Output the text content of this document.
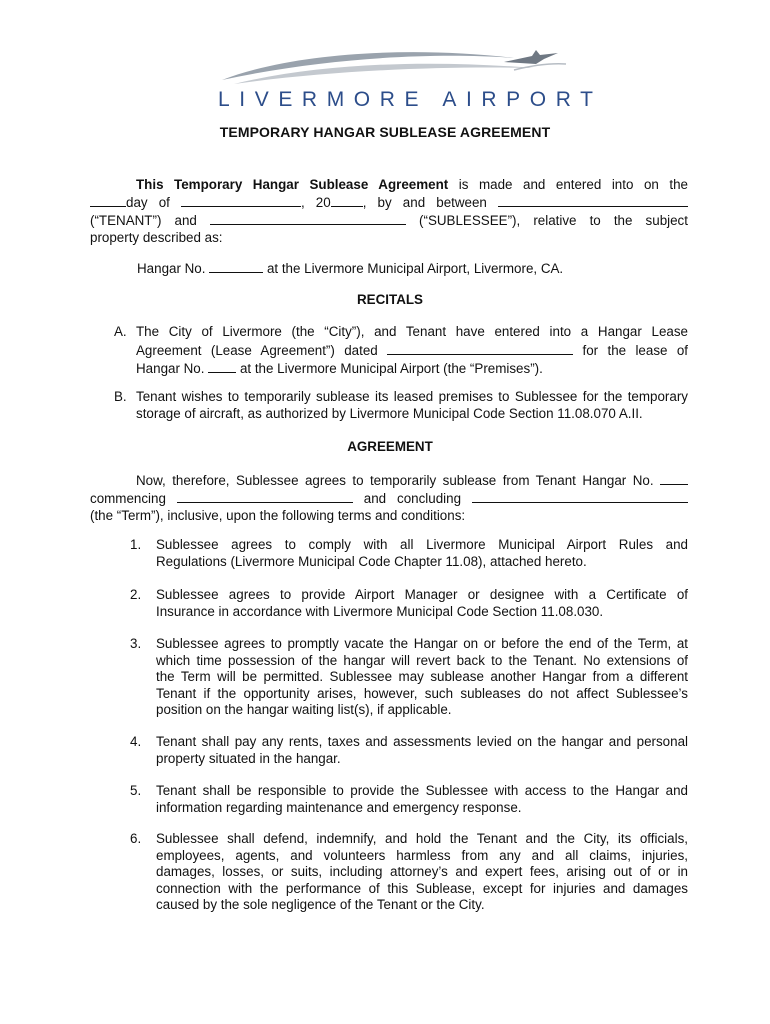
LIVERMORE AIRPORT
TEMPORARY HANGAR SUBLEASE AGREEMENT
This Temporary Hangar Sublease Agreement is made and entered into on the
day of	, 20 , by and between
(“TENANT”) and	(“SUBLESSEE”), relative to the subject
property described as:
Hangar No.	at the Livermore Municipal Airport, Livermore, CA.
RECITALS
A. The City of Livermore (the “City”), and Tenant have entered into a Hangar Lease
Agreement (Lease Agreement”) dated	for the lease of
Hangar No.	at the Livermore Municipal Airport (the “Premises”).
B. Tenant wishes to temporarily sublease its leased premises to Sublessee for the temporary
storage of aircraft, as authorized by Livermore Municipal Code Section 11.08.070 A.II.
AGREEMENT
Now, therefore, Sublessee agrees to temporarily sublease from Tenant Hangar No.
commencing	and concluding
(the “Term”), inclusive, upon the following terms and conditions:
1. Sublessee agrees to comply with all Livermore Municipal Airport Rules and
Regulations (Livermore Municipal Code Chapter 11.08), attached hereto.
2. Sublessee agrees to provide Airport Manager or designee with a Certificate of
Insurance in accordance with Livermore Municipal Code Section 11.08.030.
3. Sublessee agrees to promptly vacate the Hangar on or before the end of the Term, at
which time possession of the hangar will revert back to the Tenant. No extensions of
the Term will be permitted. Sublessee may sublease another Hangar from a different
Tenant if the opportunity arises, however, such subleases do not affect Sublessee’s
position on the hangar waiting list(s), if applicable.
4. Tenant shall pay any rents, taxes and assessments levied on the hangar and personal
property situated in the hangar.
5. Tenant shall be responsible to provide the Sublessee with access to the Hangar and
information regarding maintenance and emergency response.
6. Sublessee shall defend, indemnify, and hold the Tenant and the City, its officials,
employees, agents, and volunteers harmless from any and all claims, injuries,
damages, losses, or suits, including attorney’s and expert fees, arising out of or in
connection with the performance of this Sublease, except for injuries and damages
caused by the sole negligence of the Tenant or the City.
